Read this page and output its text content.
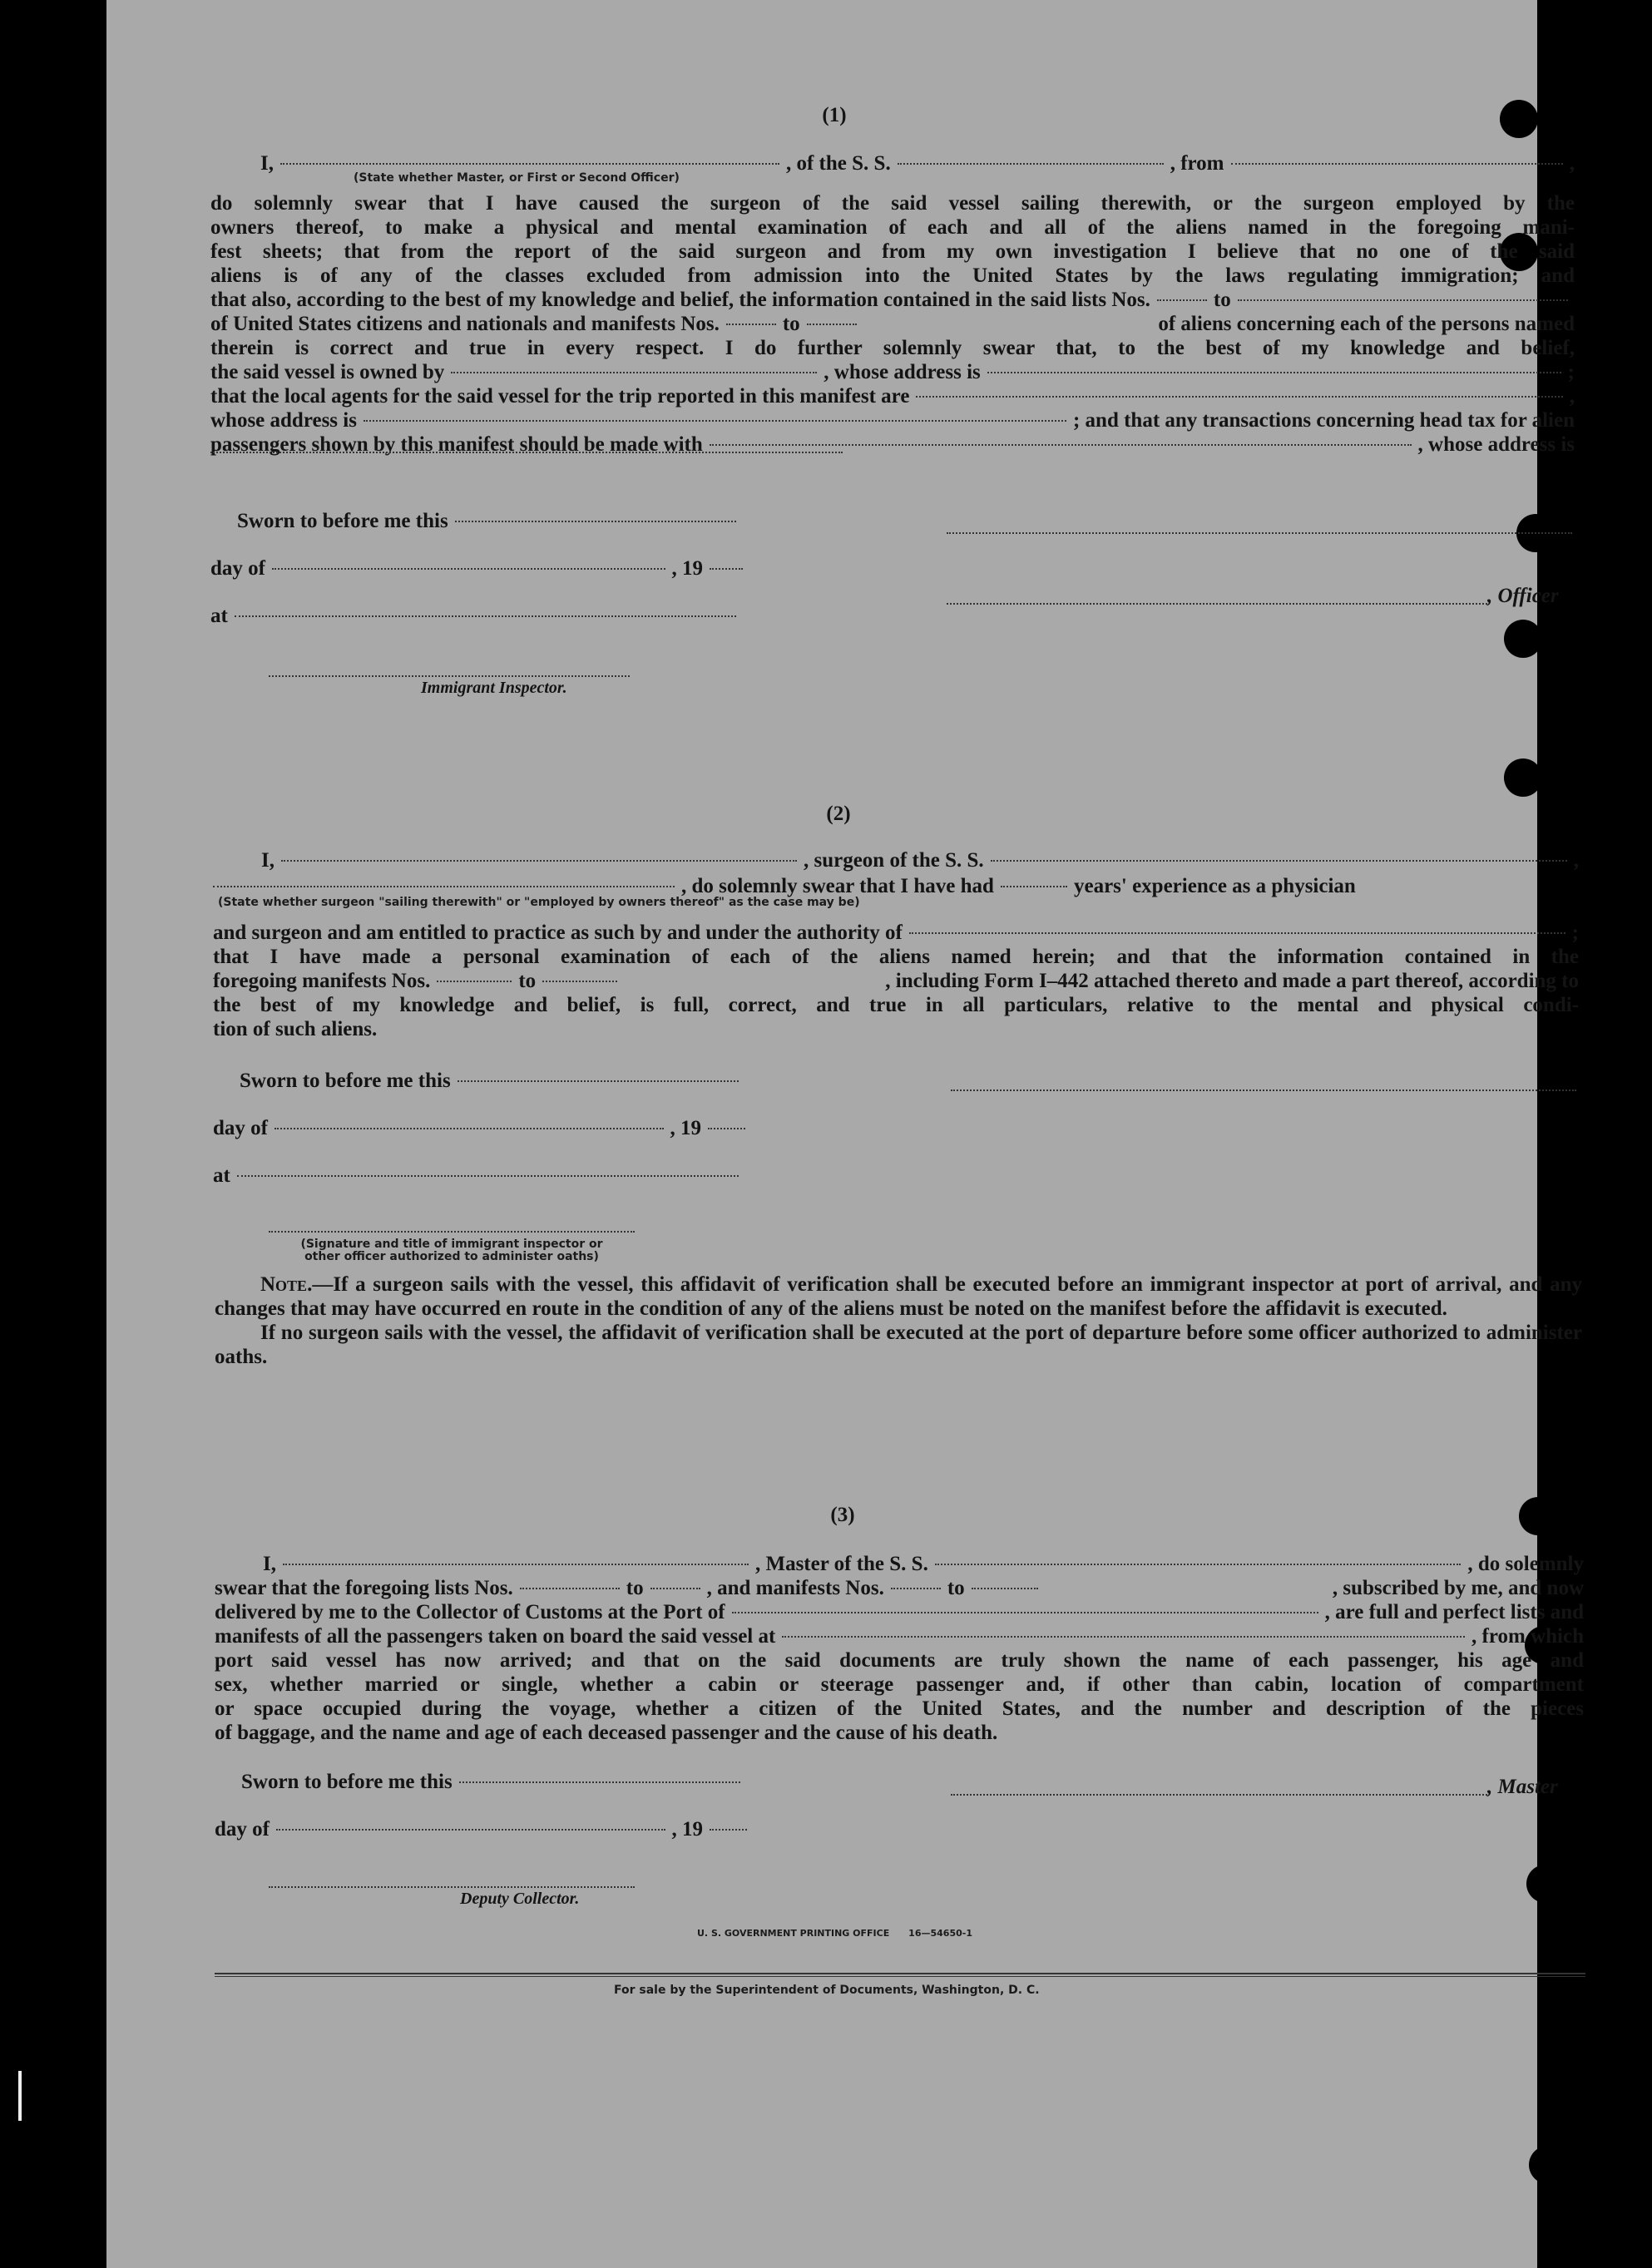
(1)
I,	, of the S. S.	, from	,
(State whether Master, or First or Second Officer)
do solemnly swear that I have caused the surgeon of the said vessel sailing therewith, or the surgeon employed by the
owners thereof, to make a physical and mental examination of each and all of the aliens named in the foregoing mani-
fest sheets; that from the report of the said surgeon and from my own investigation I believe that no one of the said
aliens is of any of the classes excluded from admission into the United States by the laws regulating immigration; and
that also, according to the best of my knowledge and belief, the information contained in the said lists Nos.	to
of United States citizens and nationals and manifests Nos.	to	of aliens concerning each of the persons named
therein is correct and true in every respect. I do further solemnly swear that, to the best of my knowledge and belief,
the said vessel is owned by	, whose address is	;
that the local agents for the said vessel for the trip reported in this manifest are	,
whose address is	; and that any transactions concerning head tax for alien
passengers shown by this manifest should be made with	, whose address is
Sworn to before me this
day of	, 19
at
Immigrant Inspector.
, Officer
(2)
I,	, surgeon of the S. S.	,
, do solemnly swear that I have had	years' experience as a physician
(State whether surgeon "sailing therewith" or "employed by owners thereof" as the case may be)
and surgeon and am entitled to practice as such by and under the authority of	;
that I have made a personal examination of each of the aliens named herein; and that the information contained in the
foregoing manifests Nos.	to	, including Form I–442 attached thereto and made a part thereof, according to
the best of my knowledge and belief, is full, correct, and true in all particulars, relative to the mental and physical condi-
tion of such aliens.
Sworn to before me this
day of	, 19
at
(Signature and title of immigrant inspector or
other officer authorized to administer oaths)

Note.—If a surgeon sails with the vessel, this affidavit of verification shall be executed before an immigrant inspector at port of arrival, and any changes that may have occurred en route in the condition of any of the aliens must be noted on the manifest before the affidavit is executed.

If no surgeon sails with the vessel, the affidavit of verification shall be executed at the port of departure before some officer authorized to administer oaths.

(3)
I,	, Master of the S. S.	, do solemnly
swear that the foregoing lists Nos.	to	, and manifests Nos.	to	, subscribed by me, and now
delivered by me to the Collector of Customs at the Port of	, are full and perfect lists and
manifests of all the passengers taken on board the said vessel at	, from which
port said vessel has now arrived; and that on the said documents are truly shown the name of each passenger, his age and
sex, whether married or single, whether a cabin or steerage passenger and, if other than cabin, location of compartment
or space occupied during the voyage, whether a citizen of the United States, and the number and description of the pieces
of baggage, and the name and age of each deceased passenger and the cause of his death.
Sworn to before me this
day of	, 19
, Master
Deputy Collector.
U. S. GOVERNMENT PRINTING OFFICE      16—54650-1
For sale by the Superintendent of Documents, Washington, D. C.
